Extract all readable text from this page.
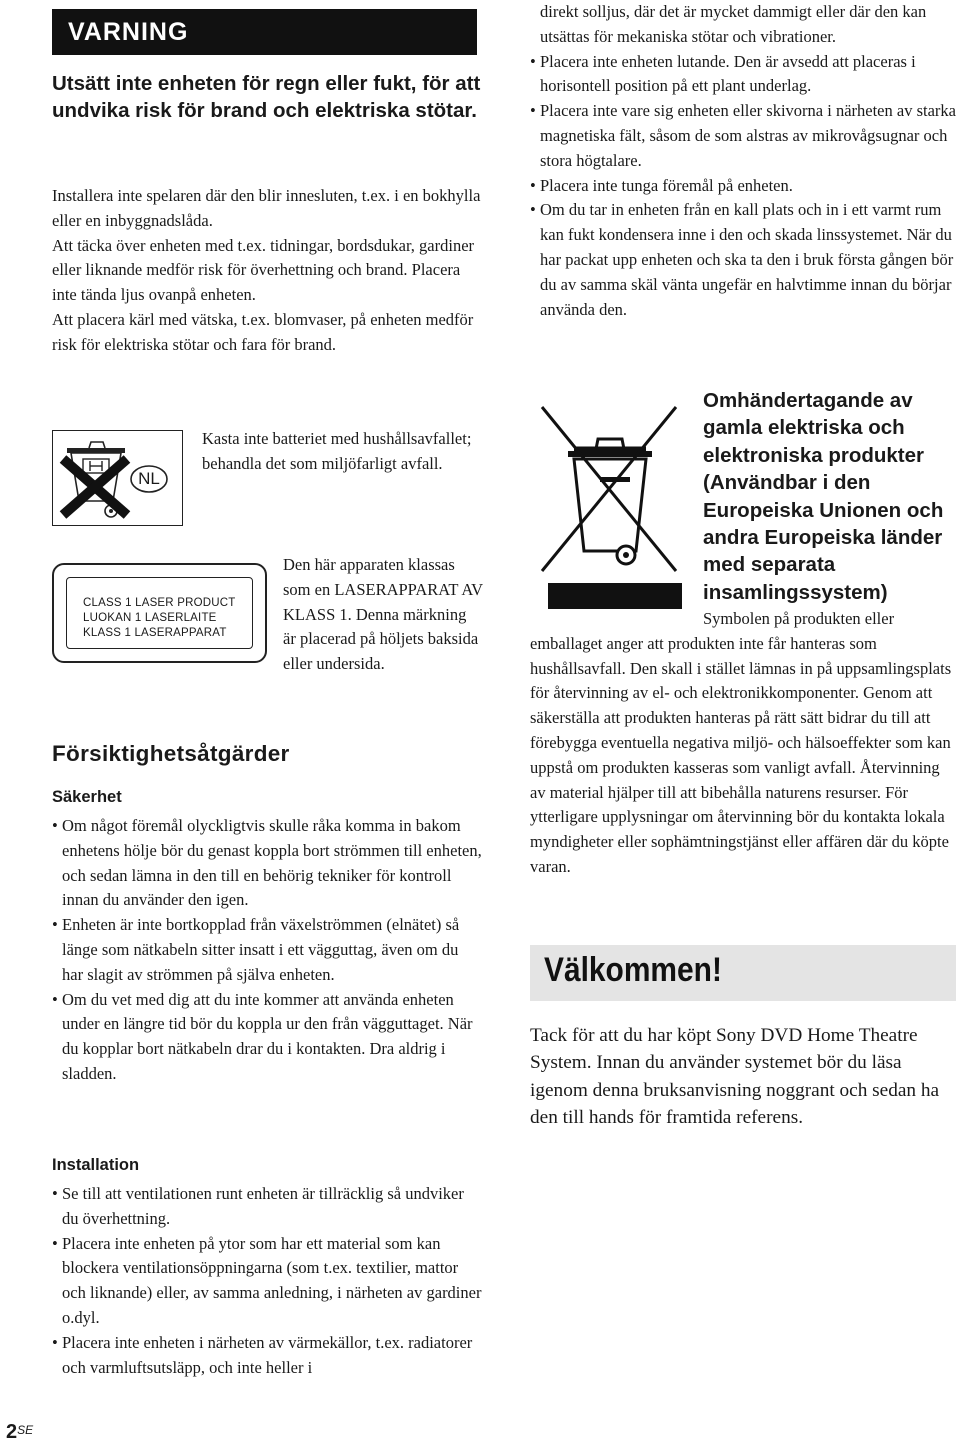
VARNING
Utsätt inte enheten för regn eller fukt, för att undvika risk för brand och elektriska stötar.

Installera inte spelaren där den blir innesluten, t.ex. i en bokhylla eller en inbyggnadslåda.

Att täcka över enheten med t.ex. tidningar, bordsdukar, gardiner eller liknande medför risk för överhettning och brand. Placera inte tända ljus ovanpå enheten.

Att placera kärl med vätska, t.ex. blomvaser, på enheten medför risk för elektriska stötar och fara för brand.

NL
Kasta inte batteriet med hushållsavfallet; behandla det som miljöfarligt avfall.
CLASS 1 LASER PRODUCT
LUOKAN 1 LASERLAITE
KLASS 1 LASERAPPARAT
Den här apparaten klassas som en LASERAPPARAT AV KLASS 1. Denna märkning är placerad på höljets baksida eller undersida.
Försiktighetsåtgärder
Säkerhet
• Om något föremål olyckligtvis skulle råka komma in bakom enhetens hölje bör du genast koppla bort strömmen till enheten, och sedan lämna in den till en behörig tekniker för kontroll innan du använder den igen.
• Enheten är inte bortkopplad från växelströmmen (elnätet) så länge som nätkabeln sitter insatt i ett vägguttag, även om du har slagit av strömmen på själva enheten.
• Om du vet med dig att du inte kommer att använda enheten under en längre tid bör du koppla ur den från vägguttaget. När du kopplar bort nätkabeln drar du i kontakten. Dra aldrig i sladden.
Installation
• Se till att ventilationen runt enheten är tillräcklig så undviker du överhettning.
• Placera inte enheten på ytor som har ett material som kan blockera ventilationsöppningarna (som t.ex. textilier, mattor och liknande) eller, av samma anledning, i närheten av gardiner o.dyl.
• Placera inte enheten i närheten av värmekällor, t.ex. radiatorer och varmluftsutsläpp, och inte heller i
$2^{SE}$

direkt solljus, där det är mycket dammigt eller där den kan utsättas för mekaniska stötar och vibrationer.

• Placera inte enheten lutande. Den är avsedd att placeras i horisontell position på ett plant underlag.
• Placera inte vare sig enheten eller skivorna i närheten av starka magnetiska fält, såsom de som alstras av mikrovågsugnar och stora högtalare.
• Placera inte tunga föremål på enheten.
• Om du tar in enheten från en kall plats och in i ett varmt rum kan fukt kondensera inne i den och skada linssystemet. När du har packat upp enheten och ska ta den i bruk första gången bör du av samma skäl vänta ungefär en halvtimme innan du börjar använda den.
Omhändertagande av gamla elektriska och elektroniska produkter (Användbar i den Europeiska Unionen och andra Europeiska länder med separata insamlingssystem)

Symbolen på produkten eller emballaget anger att produkten inte får hanteras som hushållsavfall. Den skall i stället lämnas in på uppsamlingsplats för återvinning av el- och elektronikkomponenter. Genom att säkerställa att produkten hanteras på rätt sätt bidrar du till att förebygga eventuella negativa miljö- och hälsoeffekter som kan uppstå om produkten kasseras som vanligt avfall. Återvinning av material hjälper till att bibehålla naturens resurser. För ytterligare upplysningar om återvinning bör du kontakta lokala myndigheter eller sophämtningstjänst eller affären där du köpte varan.

Välkommen!
Tack för att du har köpt Sony DVD Home Theatre System. Innan du använder systemet bör du läsa igenom denna bruksanvisning noggrant och sedan ha den till hands för framtida referens.
